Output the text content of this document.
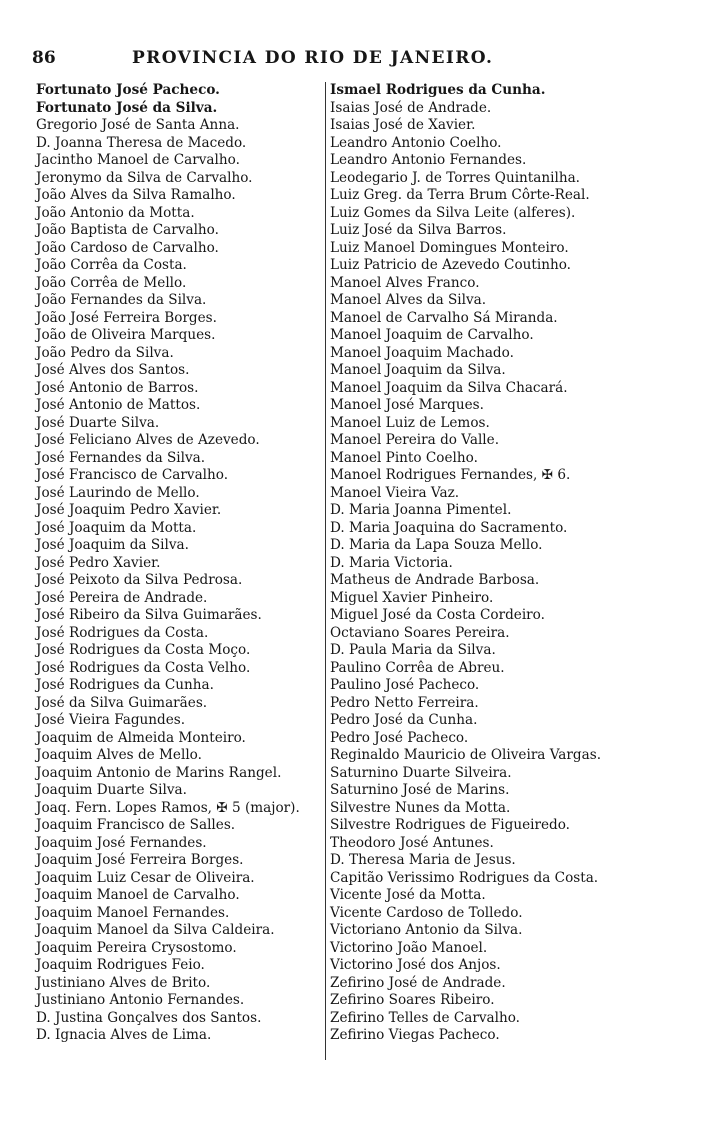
86	PROVINCIA DO RIO DE JANEIRO.
Fortunato José Pacheco.
Fortunato José da Silva.
Gregorio José de Santa Anna.
D. Joanna Theresa de Macedo.
Jacintho Manoel de Carvalho.
Jeronymo da Silva de Carvalho.
João Alves da Silva Ramalho.
João Antonio da Motta.
João Baptista de Carvalho.
João Cardoso de Carvalho.
João Corrêa da Costa.
João Corrêa de Mello.
João Fernandes da Silva.
João José Ferreira Borges.
João de Oliveira Marques.
João Pedro da Silva.
José Alves dos Santos.
José Antonio de Barros.
José Antonio de Mattos.
José Duarte Silva.
José Feliciano Alves de Azevedo.
José Fernandes da Silva.
José Francisco de Carvalho.
José Laurindo de Mello.
José Joaquim Pedro Xavier.
José Joaquim da Motta.
José Joaquim da Silva.
José Pedro Xavier.
José Peixoto da Silva Pedrosa.
José Pereira de Andrade.
José Ribeiro da Silva Guimarães.
José Rodrigues da Costa.
José Rodrigues da Costa Moço.
José Rodrigues da Costa Velho.
José Rodrigues da Cunha.
José da Silva Guimarães.
José Vieira Fagundes.
Joaquim de Almeida Monteiro.
Joaquim Alves de Mello.
Joaquim Antonio de Marins Rangel.
Joaquim Duarte Silva.
Joaq. Fern. Lopes Ramos, ✠ 5 (major).
Joaquim Francisco de Salles.
Joaquim José Fernandes.
Joaquim José Ferreira Borges.
Joaquim Luiz Cesar de Oliveira.
Joaquim Manoel de Carvalho.
Joaquim Manoel Fernandes.
Joaquim Manoel da Silva Caldeira.
Joaquim Pereira Crysostomo.
Joaquim Rodrigues Feio.
Justiniano Alves de Brito.
Justiniano Antonio Fernandes.
D. Justina Gonçalves dos Santos.
D. Ignacia Alves de Lima.
Ismael Rodrigues da Cunha.
Isaias José de Andrade.
Isaias José de Xavier.
Leandro Antonio Coelho.
Leandro Antonio Fernandes.
Leodegario J. de Torres Quintanilha.
Luiz Greg. da Terra Brum Côrte-Real.
Luiz Gomes da Silva Leite (alferes).
Luiz José da Silva Barros.
Luiz Manoel Domingues Monteiro.
Luiz Patricio de Azevedo Coutinho.
Manoel Alves Franco.
Manoel Alves da Silva.
Manoel de Carvalho Sá Miranda.
Manoel Joaquim de Carvalho.
Manoel Joaquim Machado.
Manoel Joaquim da Silva.
Manoel Joaquim da Silva Chacará.
Manoel José Marques.
Manoel Luiz de Lemos.
Manoel Pereira do Valle.
Manoel Pinto Coelho.
Manoel Rodrigues Fernandes, ✠ 6.
Manoel Vieira Vaz.
D. Maria Joanna Pimentel.
D. Maria Joaquina do Sacramento.
D. Maria da Lapa Souza Mello.
D. Maria Victoria.
Matheus de Andrade Barbosa.
Miguel Xavier Pinheiro.
Miguel José da Costa Cordeiro.
Octaviano Soares Pereira.
D. Paula Maria da Silva.
Paulino Corrêa de Abreu.
Paulino José Pacheco.
Pedro Netto Ferreira.
Pedro José da Cunha.
Pedro José Pacheco.
Reginaldo Mauricio de Oliveira Vargas.
Saturnino Duarte Silveira.
Saturnino José de Marins.
Silvestre Nunes da Motta.
Silvestre Rodrigues de Figueiredo.
Theodoro José Antunes.
D. Theresa Maria de Jesus.
Capitão Verissimo Rodrigues da Costa.
Vicente José da Motta.
Vicente Cardoso de Tolledo.
Victoriano Antonio da Silva.
Victorino João Manoel.
Victorino José dos Anjos.
Zefirino José de Andrade.
Zefirino Soares Ribeiro.
Zefirino Telles de Carvalho.
Zefirino Viegas Pacheco.
